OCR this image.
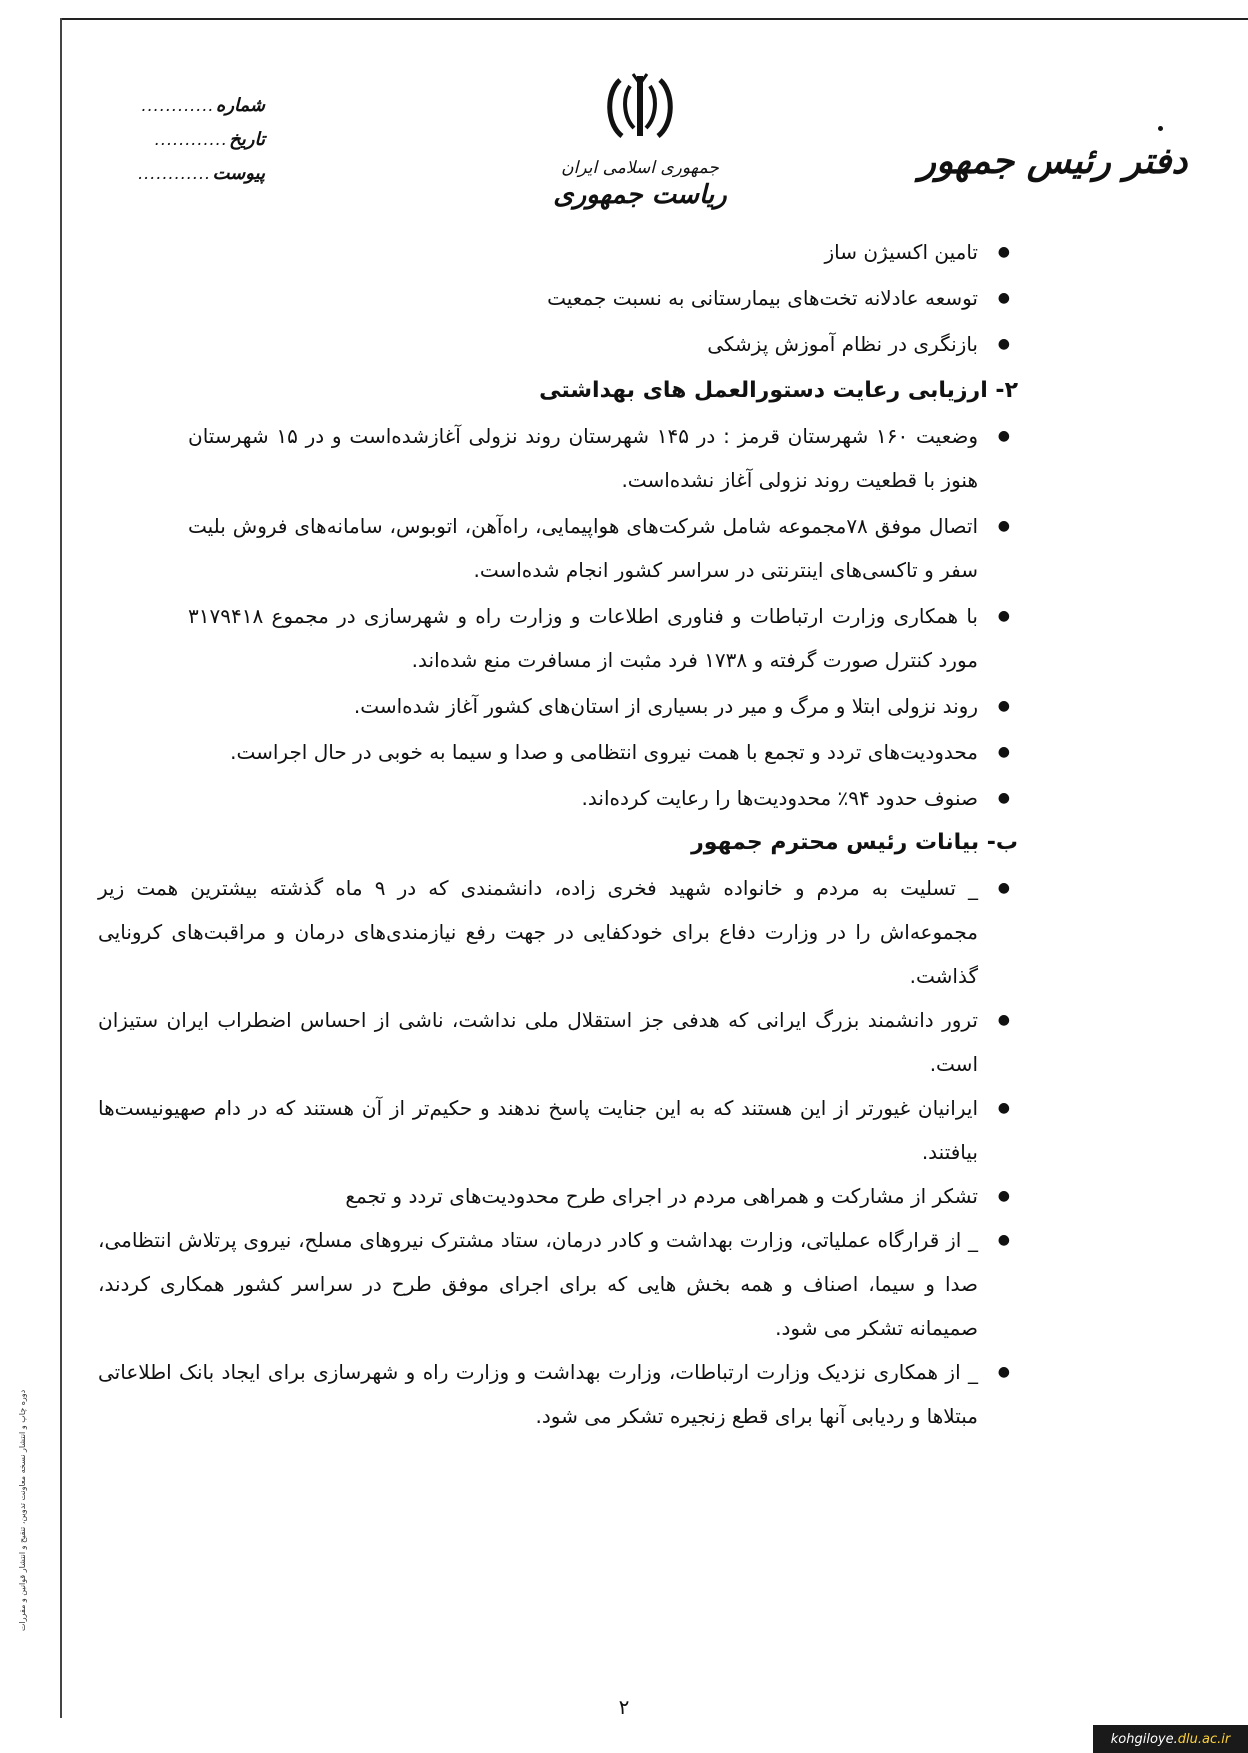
جمهوری اسلامی ایران
ریاست جمهوری
دفتر رئیس جمهور
شماره
............
تاریخ
............
پیوست
............
● تامین اکسیژن ساز
● توسعه عادلانه تخت‌های بیمارستانی به نسبت جمعیت
● بازنگری در نظام آموزش پزشکی
۲- ارزیابی رعایت دستورالعمل های بهداشتی
● وضعیت ۱۶۰ شهرستان قرمز : در ۱۴۵ شهرستان روند نزولی آغازشده‌است و در ۱۵ شهرستان هنوز با قطعیت روند نزولی آغاز نشده‌است.
● اتصال موفق ۷۸مجموعه شامل شرکت‌های هواپیمایی، راه‌آهن، اتوبوس، سامانه‌های فروش بلیت سفر و تاکسی‌های اینترنتی در سراسر کشور انجام شده‌است.
● با همکاری وزارت ارتباطات و فناوری اطلاعات و وزارت راه و شهرسازی در مجموع ۳۱۷۹۴۱۸ مورد کنترل صورت گرفته و ۱۷۳۸ فرد مثبت از مسافرت منع شده‌اند.
● روند نزولی ابتلا و مرگ و میر در بسیاری از استان‌های کشور آغاز شده‌است.
● محدودیت‌های تردد و تجمع با همت نیروی انتظامی و صدا و سیما به خوبی در حال اجراست.
● صنوف حدود ۹۴٪ محدودیت‌ها را رعایت کرده‌اند.
ب- بیانات رئیس محترم جمهور
● _ تسلیت به مردم و خانواده شهید فخری زاده، دانشمندی که در ۹ ماه گذشته بیشترین همت زیر مجموعه‌اش را در وزارت دفاع برای خودکفایی در جهت رفع نیازمندی‌های درمان و مراقبت‌های کرونایی گذاشت.
● ترور دانشمند بزرگ ایرانی که هدفی جز استقلال ملی نداشت، ناشی از احساس اضطراب ایران ستیزان است.
● ایرانیان غیورتر از این هستند که به این جنایت پاسخ ندهند و حکیم‌تر از آن هستند که در دام صهیونیست‌ها بیافتند.
● تشکر از مشارکت و همراهی مردم در اجرای طرح محدودیت‌های تردد و تجمع
● _ از قرارگاه عملیاتی، وزارت بهداشت و کادر درمان، ستاد مشترک نیروهای مسلح، نیروی پرتلاش انتظامی، صدا و سیما، اصناف و همه بخش هایی که برای اجرای موفق طرح در سراسر کشور همکاری کردند، صمیمانه تشکر می شود.
● _ از همکاری نزدیک وزارت ارتباطات، وزارت بهداشت و وزارت راه و شهرسازی برای ایجاد بانک اطلاعاتی مبتلاها و ردیابی آنها برای قطع زنجیره تشکر می شود.
دوره چاپ و انتشار نسخه معاونت تدوین، تنقیح و انتشار قوانین و مقررات
۲
kohgiloye. dlu.ac.ir
